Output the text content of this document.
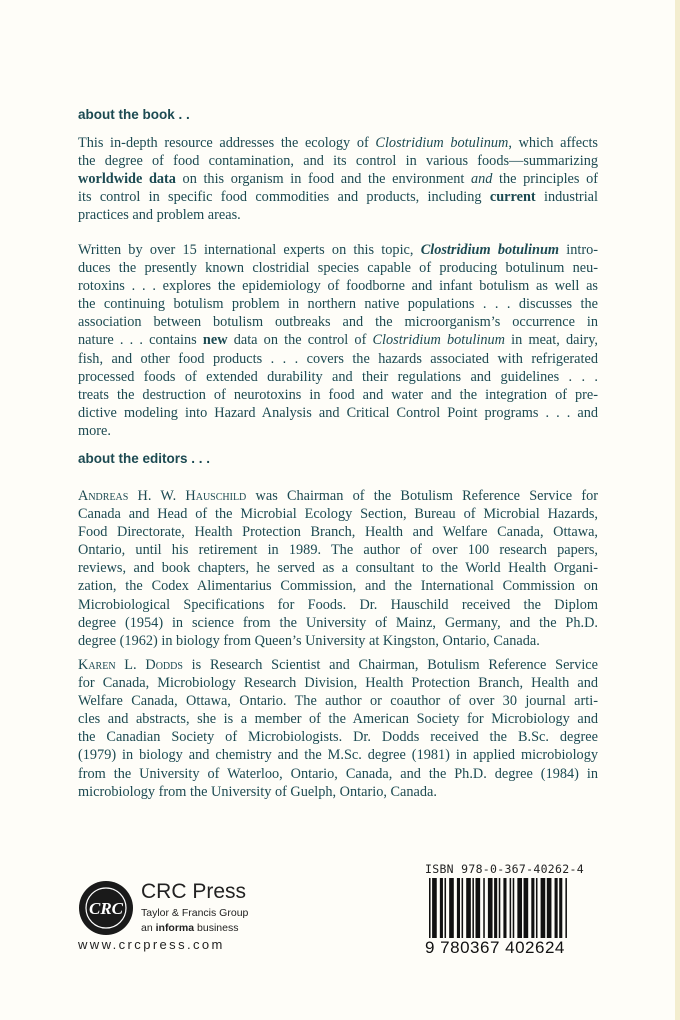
about the book . .
This in-depth resource addresses the ecology of Clostridium botulinum, which affects
the degree of food contamination, and its control in various foods—summarizing
worldwide data on this organism in food and the environment and the principles of
its control in specific food commodities and products, including current industrial
practices and problem areas.
Written by over 15 international experts on this topic, Clostridium botulinum intro-
duces the presently known clostridial species capable of producing botulinum neu-
rotoxins . . . explores the epidemiology of foodborne and infant botulism as well as
the continuing botulism problem in northern native populations . . . discusses the
association between botulism outbreaks and the microorganism’s occurrence in
nature . . . contains new data on the control of Clostridium botulinum in meat, dairy,
fish, and other food products . . . covers the hazards associated with refrigerated
processed foods of extended durability and their regulations and guidelines . . .
treats the destruction of neurotoxins in food and water and the integration of pre-
dictive modeling into Hazard Analysis and Critical Control Point programs . . . and
more.
about the editors . . .
Andreas H. W. Hauschild was Chairman of the Botulism Reference Service for
Canada and Head of the Microbial Ecology Section, Bureau of Microbial Hazards,
Food Directorate, Health Protection Branch, Health and Welfare Canada, Ottawa,
Ontario, until his retirement in 1989. The author of over 100 research papers,
reviews, and book chapters, he served as a consultant to the World Health Organi-
zation, the Codex Alimentarius Commission, and the International Commission on
Microbiological Specifications for Foods. Dr. Hauschild received the Diplom
degree (1954) in science from the University of Mainz, Germany, and the Ph.D.
degree (1962) in biology from Queen’s University at Kingston, Ontario, Canada.
Karen L. Dodds is Research Scientist and Chairman, Botulism Reference Service
for Canada, Microbiology Research Division, Health Protection Branch, Health and
Welfare Canada, Ottawa, Ontario. The author or coauthor of over 30 journal arti-
cles and abstracts, she is a member of the American Society for Microbiology and
the Canadian Society of Microbiologists. Dr. Dodds received the B.Sc. degree
(1979) in biology and chemistry and the M.Sc. degree (1981) in applied microbiology
from the University of Waterloo, Ontario, Canada, and the Ph.D. degree (1984) in
microbiology from the University of Guelph, Ontario, Canada.
CRC
CRC Press
Taylor & Francis Group
an informa business
www.crcpress.com
ISBN 978-0-367-40262-4
9 780367 402624
